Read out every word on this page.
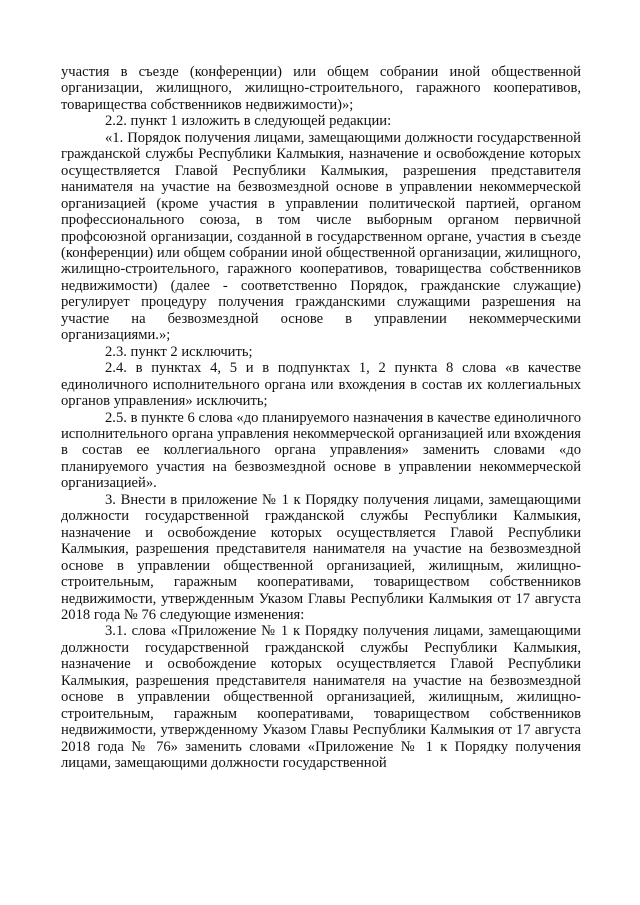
участия в съезде (конференции) или общем собрании иной общественной организации, жилищного, жилищно-строительного, гаражного кооперативов, товарищества собственников недвижимости)»;

2.2. пункт 1 изложить в следующей редакции:

«1. Порядок получения лицами, замещающими должности государственной гражданской службы Республики Калмыкия, назначение и освобождение которых осуществляется Главой Республики Калмыкия, разрешения представителя нанимателя на участие на безвозмездной основе в управлении некоммерческой организацией (кроме участия в управлении политической партией, органом профессионального союза, в том числе выборным органом первичной профсоюзной организации, созданной в государственном органе, участия в съезде (конференции) или общем собрании иной общественной организации, жилищного, жилищно-строительного, гаражного кооперативов, товарищества собственников недвижимости) (далее - соответственно Порядок, гражданские служащие) регулирует процедуру получения гражданскими служащими разрешения на участие на безвозмездной основе в управлении некоммерческими организациями.»;

2.3. пункт 2 исключить;

2.4. в пунктах 4, 5 и в подпунктах 1, 2 пункта 8 слова «в качестве единоличного исполнительного органа или вхождения в состав их коллегиальных органов управления» исключить;

2.5. в пункте 6 слова «до планируемого назначения в качестве единоличного исполнительного органа управления некоммерческой организацией или вхождения в состав ее коллегиального органа управления» заменить словами «до планируемого участия на безвозмездной основе в управлении некоммерческой организацией».

3. Внести в приложение № 1 к Порядку получения лицами, замещающими должности государственной гражданской службы Республики Калмыкия, назначение и освобождение которых осуществляется Главой Республики Калмыкия, разрешения представителя нанимателя на участие на безвозмездной основе в управлении общественной организацией, жилищным, жилищно-строительным, гаражным кооперативами, товариществом собственников недвижимости, утвержденным Указом Главы Республики Калмыкия от 17 августа 2018 года № 76 следующие изменения:

3.1. слова «Приложение № 1 к Порядку получения лицами, замещающими должности государственной гражданской службы Республики Калмыкия, назначение и освобождение которых осуществляется Главой Республики Калмыкия, разрешения представителя нанимателя на участие на безвозмездной основе в управлении общественной организацией, жилищным, жилищно-строительным, гаражным кооперативами, товариществом собственников недвижимости, утвержденному Указом Главы Республики Калмыкия от 17 августа 2018 года № 76» заменить словами «Приложение № 1 к Порядку получения лицами, замещающими должности государственной
